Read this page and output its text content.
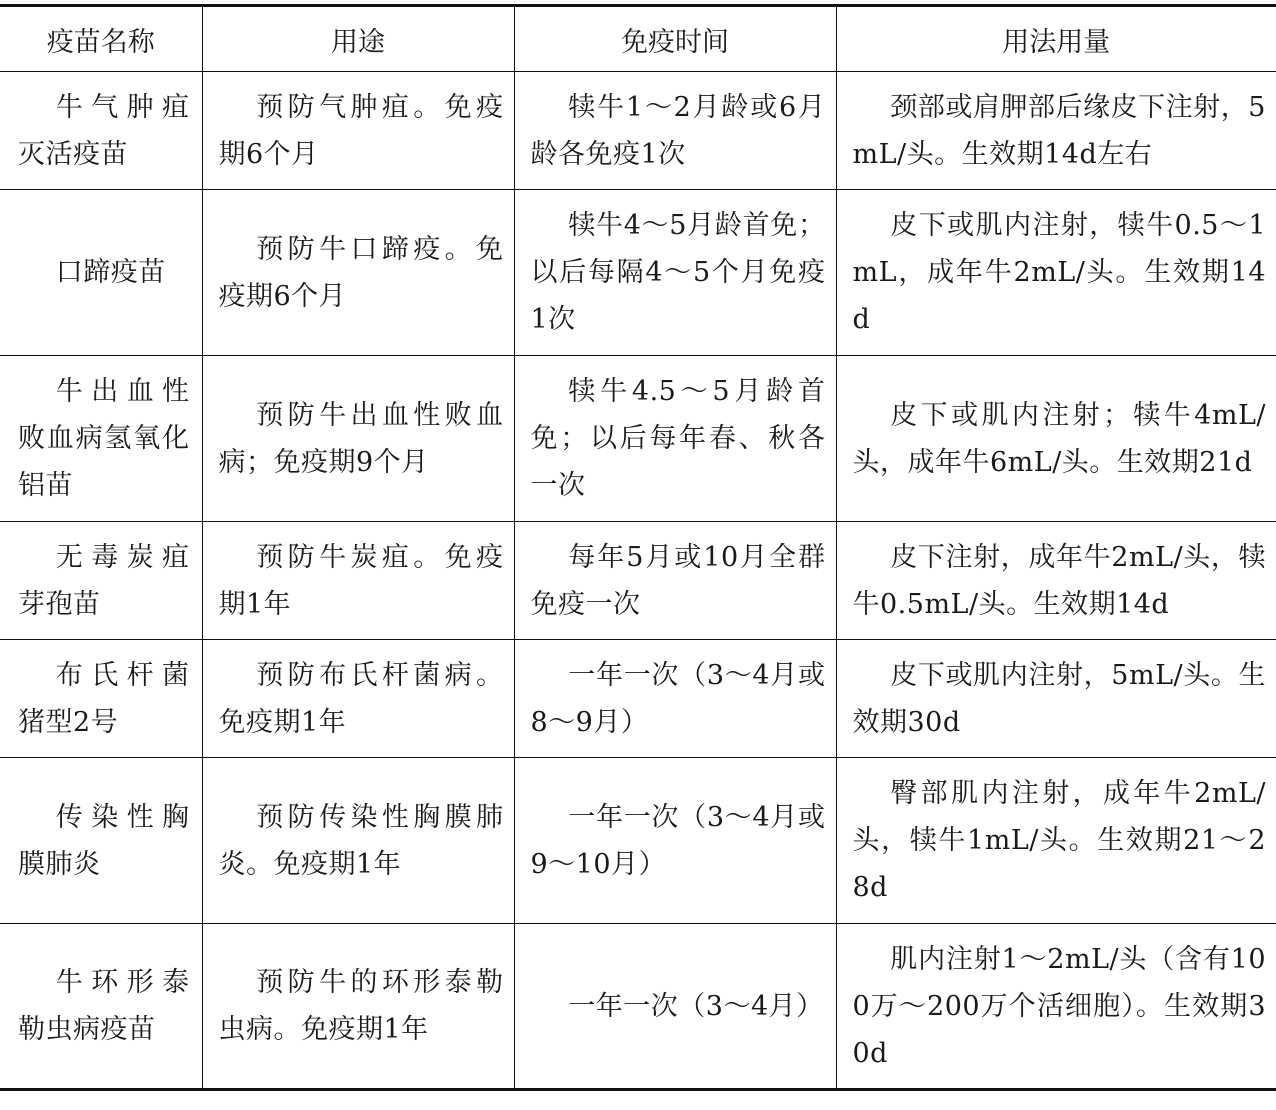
疫苗名称	用途	免疫时间	用法用量
牛气肿疽灭活疫苗	预防气肿疽。免疫期6个月	犊牛1～2月龄或6月龄各免疫1次	颈部或肩胛部后缘皮下注射，5mL/头。生效期14d左右
口蹄疫苗	预防牛口蹄疫。免疫期6个月	犊牛4～5月龄首免；以后每隔4～5个月免疫1次	皮下或肌内注射，犊牛0.5～1mL，成年牛2mL/头。生效期14d
牛出血性败血病氢氧化铝苗	预防牛出血性败血病；免疫期9个月	犊牛4.5～5月龄首免；以后每年春、秋各一次	皮下或肌内注射；犊牛4mL/头，成年牛6mL/头。生效期21d
无毒炭疽芽孢苗	预防牛炭疽。免疫期1年	每年5月或10月全群免疫一次	皮下注射，成年牛2mL/头，犊牛0.5mL/头。生效期14d
布氏杆菌猪型2号	预防布氏杆菌病。免疫期1年	一年一次（3～4月或8～9月）	皮下或肌内注射，5mL/头。生效期30d
传染性胸膜肺炎	预防传染性胸膜肺炎。免疫期1年	一年一次（3～4月或9～10月）	臀部肌内注射，成年牛2mL/头，犊牛1mL/头。生效期21～28d
牛环形泰勒虫病疫苗	预防牛的环形泰勒虫病。免疫期1年	一年一次（3～4月）	肌内注射1～2mL/头（含有100万～200万个活细胞）。生效期30d
